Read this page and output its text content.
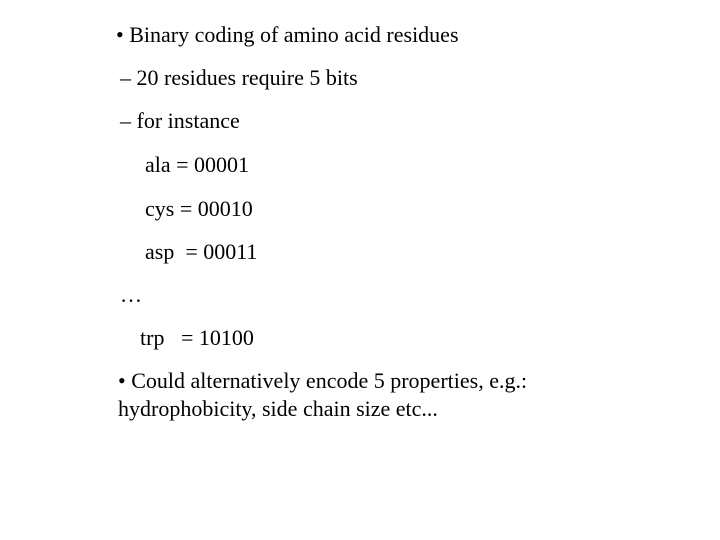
• Binary coding of amino acid residues
– 20 residues require 5 bits
– for instance
ala = 00001
cys = 00010
asp  = 00011
…
trp   = 10100
• Could alternatively encode 5 properties, e.g.: hydrophobicity, side chain size etc...
